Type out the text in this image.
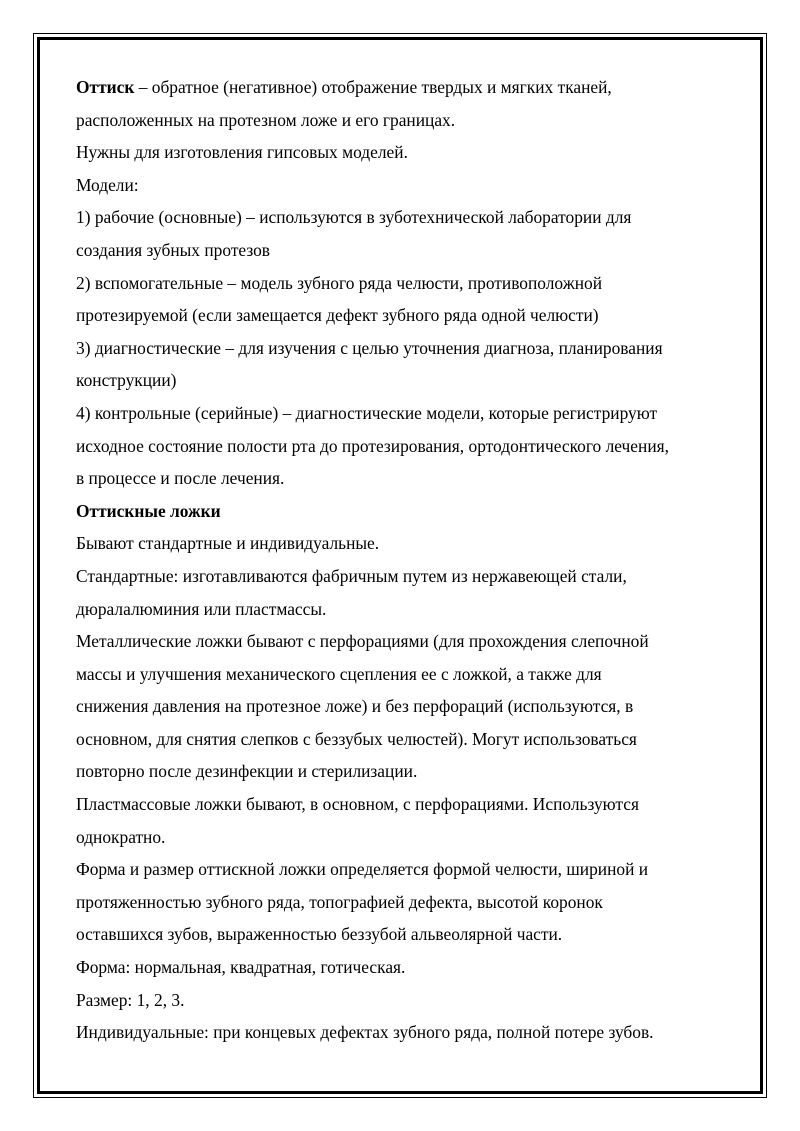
Оттиск – обратное (негативное) отображение твердых и мягких тканей,
расположенных на протезном ложе и его границах.
Нужны для изготовления гипсовых моделей.
Модели:
1) рабочие (основные) – используются в зуботехнической лаборатории для
создания зубных протезов
2) вспомогательные – модель зубного ряда челюсти, противоположной
протезируемой (если замещается дефект зубного ряда одной челюсти)
3) диагностические – для изучения с целью уточнения диагноза, планирования
конструкции)
4) контрольные (серийные) – диагностические модели, которые регистрируют
исходное состояние полости рта до протезирования, ортодонтического лечения,
в процессе и после лечения.
Оттискные ложки
Бывают стандартные и индивидуальные.
Стандартные: изготавливаются фабричным путем из нержавеющей стали,
дюралалюминия или пластмассы.
Металлические ложки бывают с перфорациями (для прохождения слепочной
массы и улучшения механического сцепления ее с ложкой, а также для
снижения давления на протезное ложе) и без перфораций (используются, в
основном, для снятия слепков с беззубых челюстей). Могут использоваться
повторно после дезинфекции и стерилизации.
Пластмассовые ложки бывают, в основном, с перфорациями. Используются
однократно.
Форма и размер оттискной ложки определяется формой челюсти, шириной и
протяженностью зубного ряда, топографией дефекта, высотой коронок
оставшихся зубов, выраженностью беззубой альвеолярной части.
Форма: нормальная, квадратная, готическая.
Размер: 1, 2, 3.
Индивидуальные: при концевых дефектах зубного ряда, полной потере зубов.
